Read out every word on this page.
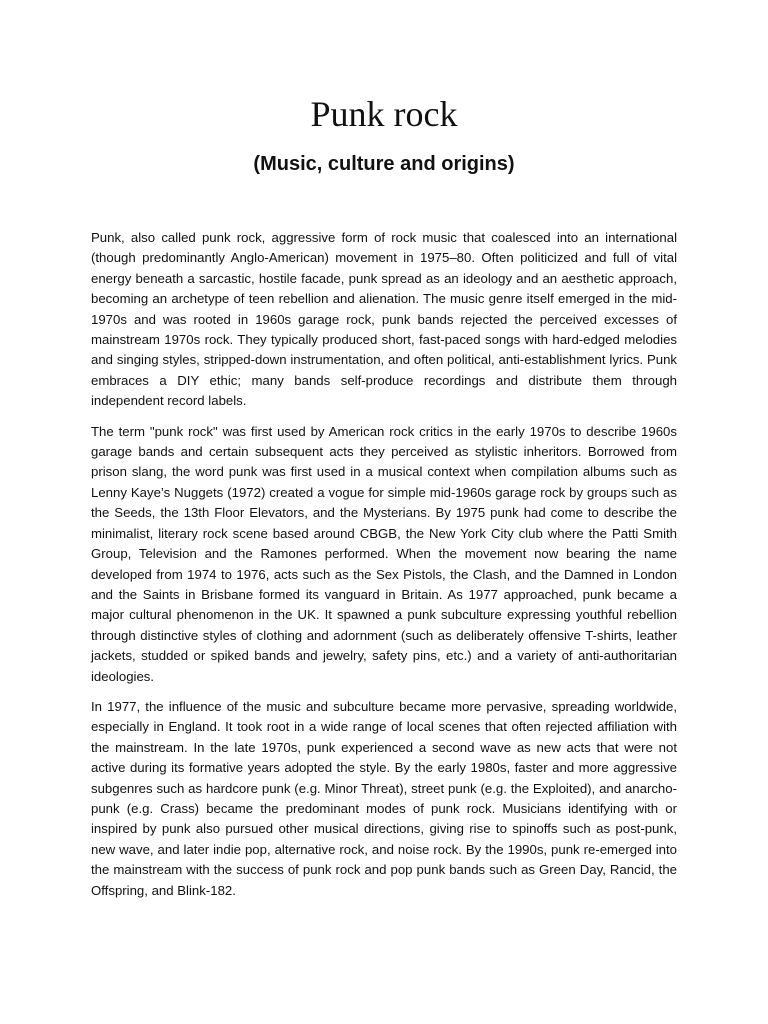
Punk rock
(Music, culture and origins)

Punk, also called punk rock, aggressive form of rock music that coalesced into an international (though predominantly Anglo-American) movement in 1975–80. Often politicized and full of vital energy beneath a sarcastic, hostile facade, punk spread as an ideology and an aesthetic approach, becoming an archetype of teen rebellion and alienation. The music genre itself emerged in the mid-1970s and was rooted in 1960s garage rock, punk bands rejected the perceived excesses of mainstream 1970s rock. They typically produced short, fast-paced songs with hard-edged melodies and singing styles, stripped-down instrumentation, and often political, anti-establishment lyrics. Punk embraces a DIY ethic; many bands self-produce recordings and distribute them through independent record labels.

The term "punk rock" was first used by American rock critics in the early 1970s to describe 1960s garage bands and certain subsequent acts they perceived as stylistic inheritors. Borrowed from prison slang, the word punk was first used in a musical context when compilation albums such as Lenny Kaye’s Nuggets (1972) created a vogue for simple mid-1960s garage rock by groups such as the Seeds, the 13th Floor Elevators, and the Mysterians. By 1975 punk had come to describe the minimalist, literary rock scene based around CBGB, the New York City club where the Patti Smith Group, Television and the Ramones performed. When the movement now bearing the name developed from 1974 to 1976, acts such as the Sex Pistols, the Clash, and the Damned in London and the Saints in Brisbane formed its vanguard in Britain. As 1977 approached, punk became a major cultural phenomenon in the UK. It spawned a punk subculture expressing youthful rebellion through distinctive styles of clothing and adornment (such as deliberately offensive T-shirts, leather jackets, studded or spiked bands and jewelry, safety pins, etc.) and a variety of anti-authoritarian ideologies.

In 1977, the influence of the music and subculture became more pervasive, spreading worldwide, especially in England. It took root in a wide range of local scenes that often rejected affiliation with the mainstream. In the late 1970s, punk experienced a second wave as new acts that were not active during its formative years adopted the style. By the early 1980s, faster and more aggressive subgenres such as hardcore punk (e.g. Minor Threat), street punk (e.g. the Exploited), and anarcho-punk (e.g. Crass) became the predominant modes of punk rock. Musicians identifying with or inspired by punk also pursued other musical directions, giving rise to spinoffs such as post-punk, new wave, and later indie pop, alternative rock, and noise rock. By the 1990s, punk re-emerged into the mainstream with the success of punk rock and pop punk bands such as Green Day, Rancid, the Offspring, and Blink-182.
